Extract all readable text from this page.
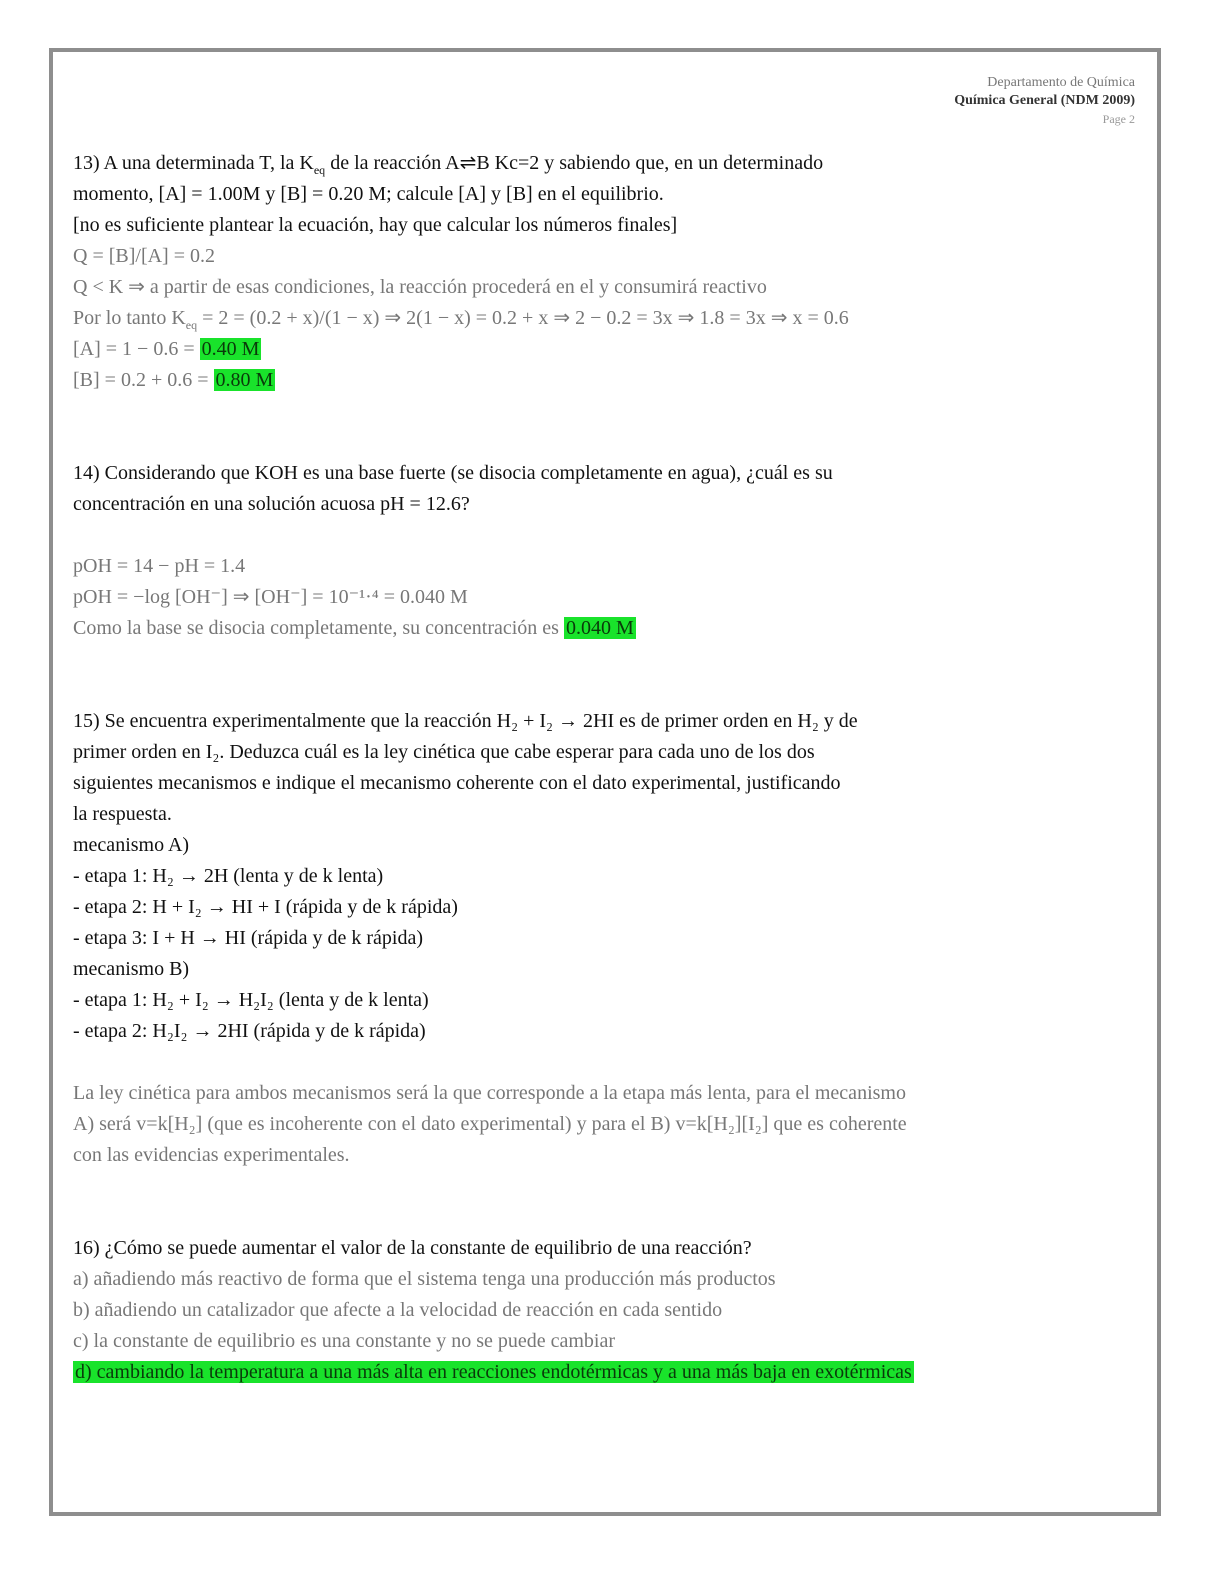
Departamento de Química
Química General (NDM 2009)
Page 2

13) A una determinada T, la $K_{eq}$ de la reacción A⇌B Kc=2 y sabiendo que, en un determinado

momento, [A] = 1.00M y [B] = 0.20 M; calcule [A] y [B] en el equilibrio.

[no es suficiente plantear la ecuación, hay que calcular los números finales]

Q = [B]/[A] = 0.2

Q < K ⇒ a partir de esas condiciones, la reacción procederá en el y consumirá reactivo

Por lo tanto $K_{eq} = 2 = (0.2 + x)/(1 - x)$ ⇒ 2(1 − x) = 0.2 + x ⇒ 2 − 0.2 = 3x ⇒ 1.8 = 3x ⇒ x = 0.6

[A] = 1 − 0.6 = 0.40 M

[B] = 0.2 + 0.6 = 0.80 M

14) Considerando que KOH es una base fuerte (se disocia completamente en agua), ¿cuál es su

concentración en una solución acuosa pH = 12.6?

pOH = 14 − pH = 1.4

pOH = −log [OH⁻] ⇒ [OH⁻] = 10⁻¹·⁴ = 0.040 M

Como la base se disocia completamente, su concentración es 0.040 M

15) Se encuentra experimentalmente que la reacción H₂ + I₂ → 2HI es de primer orden en H₂ y de

primer orden en I₂. Deduzca cuál es la ley cinética que cabe esperar para cada uno de los dos

siguientes mecanismos e indique el mecanismo coherente con el dato experimental, justificando

la respuesta.

mecanismo A)

- etapa 1: H₂ → 2H (lenta y de k lenta)

- etapa 2: H + I₂ → HI + I (rápida y de k rápida)

- etapa 3: I + H → HI (rápida y de k rápida)

mecanismo B)

- etapa 1: H₂ + I₂ → H₂I₂ (lenta y de k lenta)

- etapa 2: H₂I₂ → 2HI (rápida y de k rápida)

La ley cinética para ambos mecanismos será la que corresponde a la etapa más lenta, para el mecanismo

A) será v=k[H₂] (que es incoherente con el dato experimental) y para el B) v=k[H₂][I₂] que es coherente

con las evidencias experimentales.

16) ¿Cómo se puede aumentar el valor de la constante de equilibrio de una reacción?

a) añadiendo más reactivo de forma que el sistema tenga una producción más productos

b) añadiendo un catalizador que afecte a la velocidad de reacción en cada sentido

c) la constante de equilibrio es una constante y no se puede cambiar

d) cambiando la temperatura a una más alta en reacciones endotérmicas y a una más baja en exotérmicas
